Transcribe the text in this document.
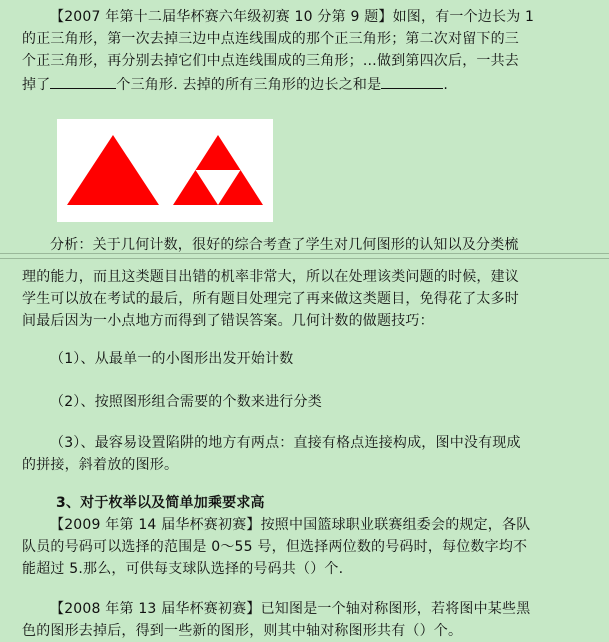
【2007 年第十二届华杯赛六年级初赛 10 分第 9 题】如图，有一个边长为 1
的正三角形，第一次去掉三边中点连线围成的那个正三角形；第二次对留下的三
个正三角形，再分别去掉它们中点连线围成的三角形；…做到第四次后，一共去
掉了	个三角形. 去掉的所有三角形的边长之和是	.
分析：关于几何计数，很好的综合考查了学生对几何图形的认知以及分类梳
理的能力，而且这类题目出错的机率非常大，所以在处理该类问题的时候，建议
学生可以放在考试的最后，所有题目处理完了再来做这类题目，免得花了太多时
间最后因为一小点地方而得到了错误答案。几何计数的做题技巧：
（1）、从最单一的小图形出发开始计数
（2）、按照图形组合需要的个数来进行分类
（3）、最容易设置陷阱的地方有两点：直接有格点连接构成，图中没有现成
的拼接，斜着放的图形。
3、对于枚举以及简单加乘要求高
【2009 年第 14 届华杯赛初赛】按照中国篮球职业联赛组委会的规定，各队
队员的号码可以选择的范围是 0～55 号，但选择两位数的号码时，每位数字均不
能超过 5.那么，可供每支球队选择的号码共（）个.
【2008 年第 13 届华杯赛初赛】已知图是一个轴对称图形，若将图中某些黑
色的图形去掉后，得到一些新的图形，则其中轴对称图形共有（）个。
